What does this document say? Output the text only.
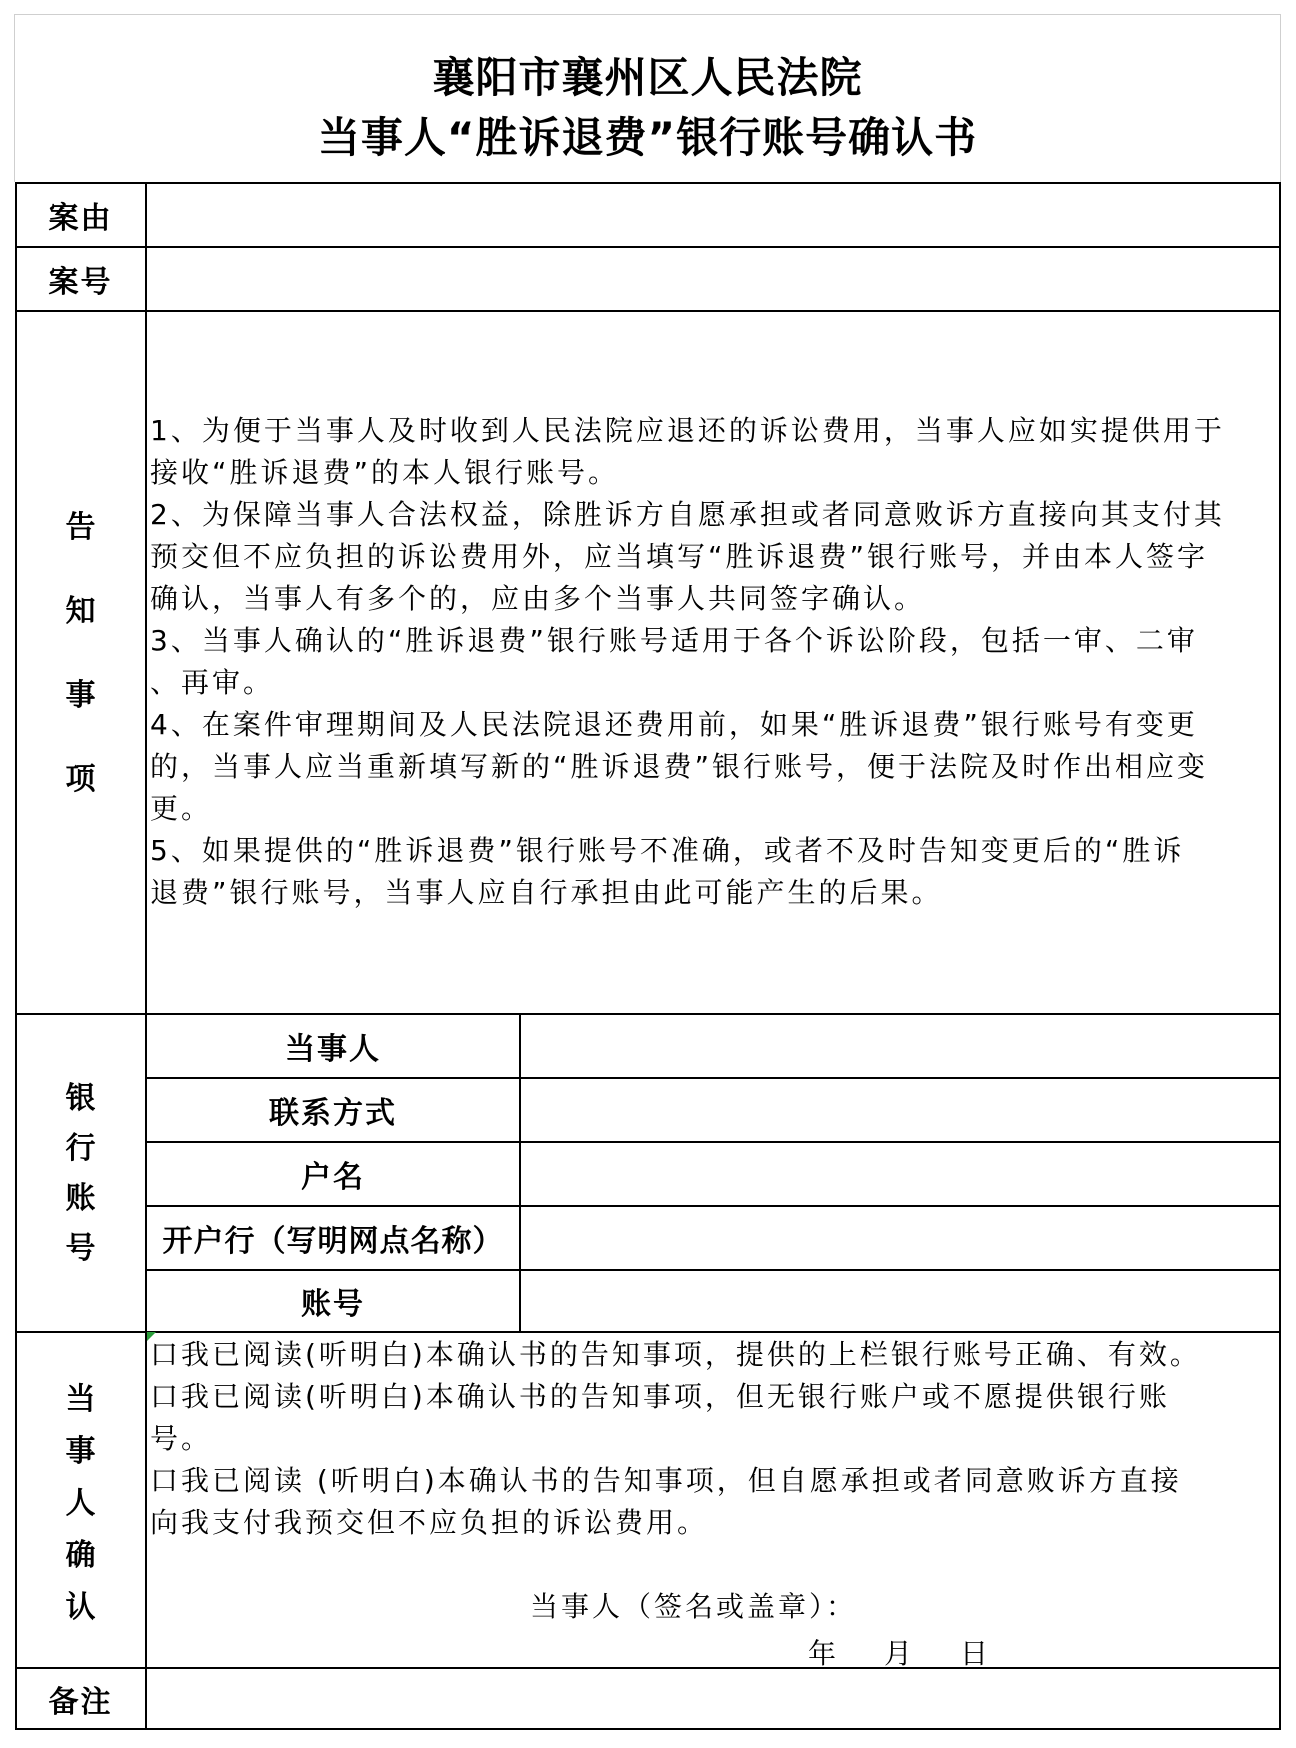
襄阳市襄州区人民法院
当事人“胜诉退费”银行账号确认书
案由
案号
告
知
事
项

1、为便于当事人及时收到人民法院应退还的诉讼费用，当事人应如实提供用于

接收“胜诉退费”的本人银行账号。

2、为保障当事人合法权益，除胜诉方自愿承担或者同意败诉方直接向其支付其

预交但不应负担的诉讼费用外，应当填写“胜诉退费”银行账号，并由本人签字

确认，当事人有多个的，应由多个当事人共同签字确认。

3、当事人确认的“胜诉退费”银行账号适用于各个诉讼阶段，包括一审、二审

、再审。

4、在案件审理期间及人民法院退还费用前，如果“胜诉退费”银行账号有变更

的，当事人应当重新填写新的“胜诉退费”银行账号，便于法院及时作出相应变

更。

5、如果提供的“胜诉退费”银行账号不准确，或者不及时告知变更后的“胜诉

退费”银行账号，当事人应自行承担由此可能产生的后果。

银
行
账
号
当事人
联系方式
户名
开户行（写明网点名称）
账号
当
事
人
确
认

口我已阅读(听明白)本确认书的告知事项，提供的上栏银行账号正确、有效。

口我已阅读(听明白)本确认书的告知事项，但无银行账户或不愿提供银行账

号。

口我已阅读 (听明白)本确认书的告知事项，但自愿承担或者同意败诉方直接

向我支付我预交但不应负担的诉讼费用。

当事人（签名或盖章）：
年 月 日
备注
